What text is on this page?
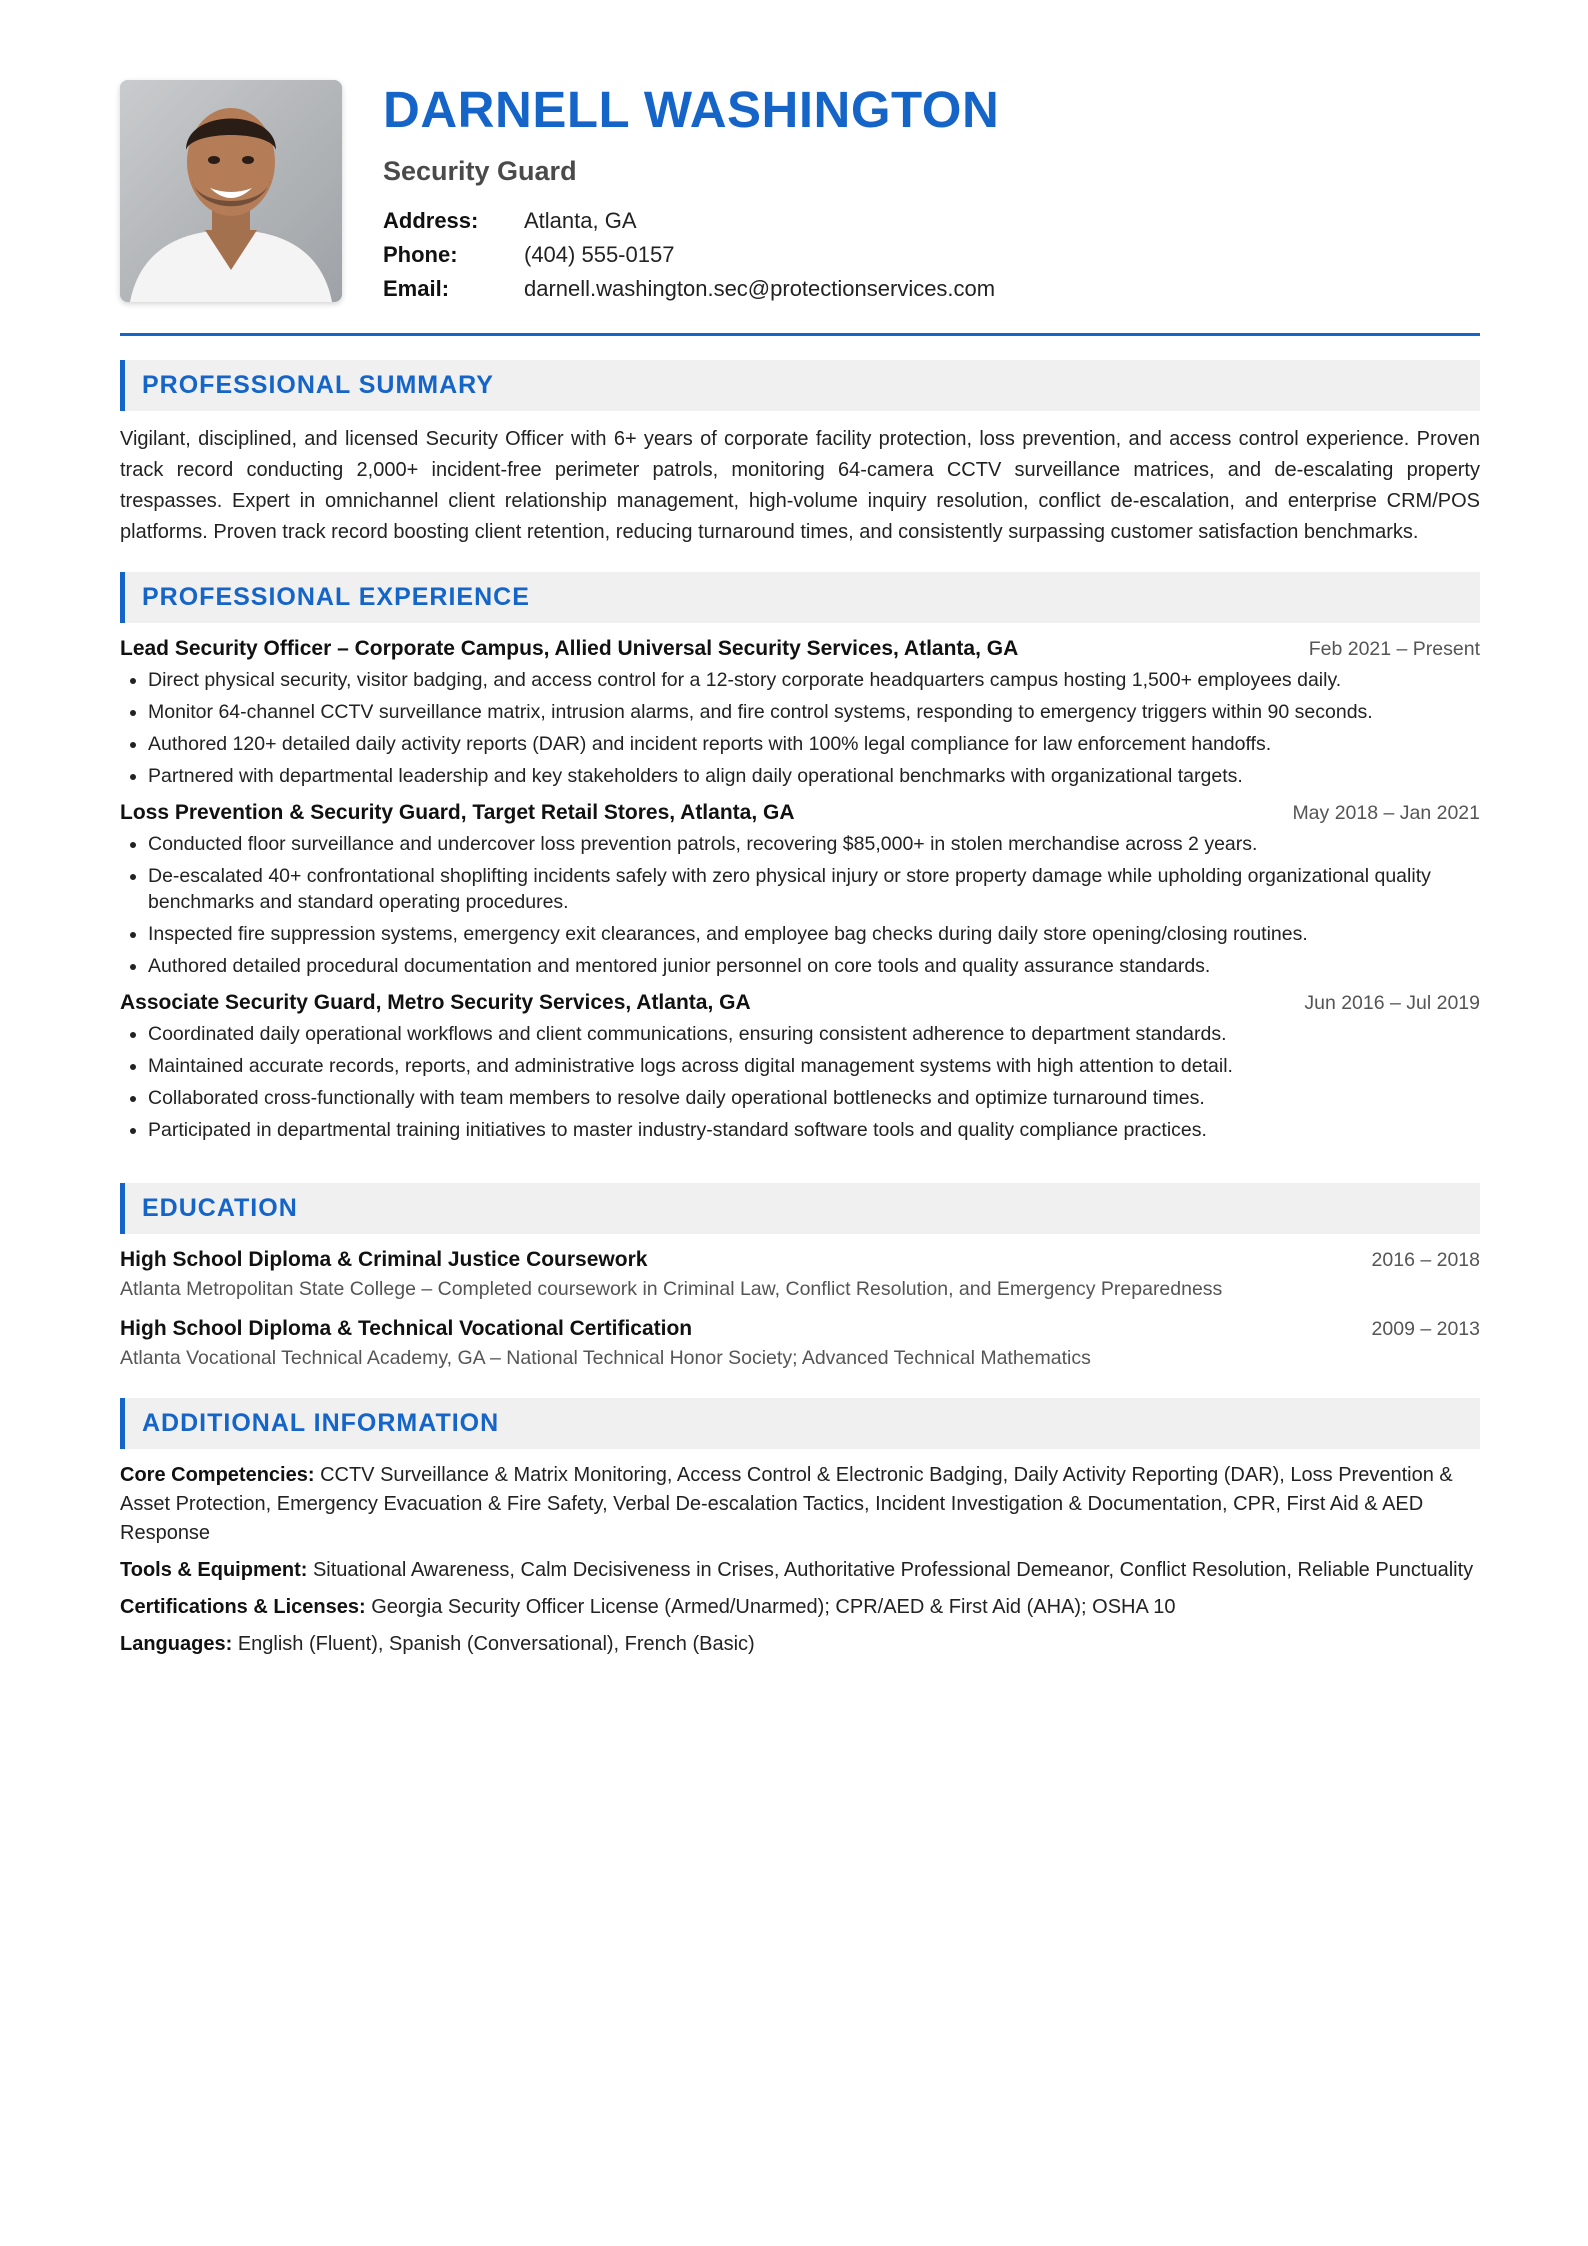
DARNELL WASHINGTON
Security Guard
Address: Atlanta, GA
Phone:	(404) 555-0157
Email:	darnell.washington.sec@protectionservices.com
PROFESSIONAL SUMMARY
Vigilant, disciplined, and licensed Security Officer with 6+ years of corporate facility protection, loss prevention, and access control experience. Proven track record conducting 2,000+ incident-free perimeter patrols, monitoring 64-camera CCTV surveillance matrices, and de-escalating property trespasses. Expert in omnichannel client relationship management, high-volume inquiry resolution, conflict de-escalation, and enterprise CRM/POS platforms. Proven track record boosting client retention, reducing turnaround times, and consistently surpassing customer satisfaction benchmarks.
PROFESSIONAL EXPERIENCE
Lead Security Officer – Corporate Campus, Allied Universal Security Services, Atlanta, GA	Feb 2021 – Present
• Direct physical security, visitor badging, and access control for a 12-story corporate headquarters campus hosting 1,500+ employees daily.
• Monitor 64-channel CCTV surveillance matrix, intrusion alarms, and fire control systems, responding to emergency triggers within 90 seconds.
• Authored 120+ detailed daily activity reports (DAR) and incident reports with 100% legal compliance for law enforcement handoffs.
• Partnered with departmental leadership and key stakeholders to align daily operational benchmarks with organizational targets.
Loss Prevention & Security Guard, Target Retail Stores, Atlanta, GA	May 2018 – Jan 2021
• Conducted floor surveillance and undercover loss prevention patrols, recovering $85,000+ in stolen merchandise across 2 years.
• De-escalated 40+ confrontational shoplifting incidents safely with zero physical injury or store property damage while upholding organizational quality benchmarks and standard operating procedures.
• Inspected fire suppression systems, emergency exit clearances, and employee bag checks during daily store opening/closing routines.
• Authored detailed procedural documentation and mentored junior personnel on core tools and quality assurance standards.
Associate Security Guard, Metro Security Services, Atlanta, GA	Jun 2016 – Jul 2019
• Coordinated daily operational workflows and client communications, ensuring consistent adherence to department standards.
• Maintained accurate records, reports, and administrative logs across digital management systems with high attention to detail.
• Collaborated cross-functionally with team members to resolve daily operational bottlenecks and optimize turnaround times.
• Participated in departmental training initiatives to master industry-standard software tools and quality compliance practices.
EDUCATION
High School Diploma & Criminal Justice Coursework	2016 – 2018
Atlanta Metropolitan State College – Completed coursework in Criminal Law, Conflict Resolution, and Emergency Preparedness
High School Diploma & Technical Vocational Certification	2009 – 2013
Atlanta Vocational Technical Academy, GA – National Technical Honor Society; Advanced Technical Mathematics
ADDITIONAL INFORMATION
Core Competencies: CCTV Surveillance & Matrix Monitoring, Access Control & Electronic Badging, Daily Activity Reporting (DAR), Loss Prevention & Asset Protection, Emergency Evacuation & Fire Safety, Verbal De-escalation Tactics, Incident Investigation & Documentation, CPR, First Aid & AED Response
Tools & Equipment: Situational Awareness, Calm Decisiveness in Crises, Authoritative Professional Demeanor, Conflict Resolution, Reliable Punctuality
Certifications & Licenses: Georgia Security Officer License (Armed/Unarmed); CPR/AED & First Aid (AHA); OSHA 10
Languages: English (Fluent), Spanish (Conversational), French (Basic)
